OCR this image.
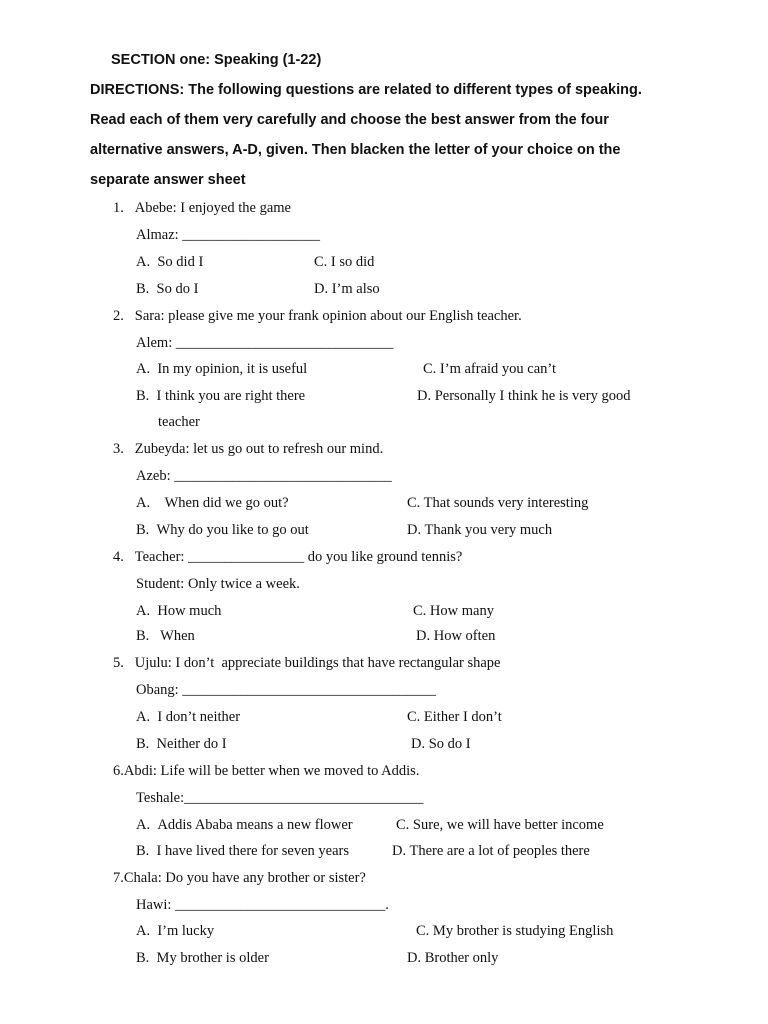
SECTION one: Speaking (1-22)
DIRECTIONS: The following questions are related to different types of speaking.
Read each of them very carefully and choose the best answer from the four
alternative answers, A-D, given. Then blacken the letter of your choice on the
separate answer sheet
1.   Abebe: I enjoyed the game
Almaz: ___________________
A.  So did I	C. I so did
B.  So do I	D. I’m also
2.   Sara: please give me your frank opinion about our English teacher.
Alem: ______________________________
A.  In my opinion, it is useful	C. I’m afraid you can’t
B.  I think you are right there	D. Personally I think he is very good
teacher
3.   Zubeyda: let us go out to refresh our mind.
Azeb: ______________________________
A.    When did we go out?	C. That sounds very interesting
B.  Why do you like to go out	D. Thank you very much
4.   Teacher: ________________ do you like ground tennis?
Student: Only twice a week.
A.  How much	C. How many
B.   When	D. How often
5.   Ujulu: I don’t  appreciate buildings that have rectangular shape
Obang: ___________________________________
A.  I don’t neither	C. Either I don’t
B.  Neither do I	D. So do I
6.Abdi: Life will be better when we moved to Addis.
Teshale:_________________________________
A.  Addis Ababa means a new flower	C. Sure, we will have better income
B.  I have lived there for seven years	D. There are a lot of peoples there
7.Chala: Do you have any brother or sister?
Hawi: _____________________________.
A.  I’m lucky	C. My brother is studying English
B.  My brother is older	D. Brother only
